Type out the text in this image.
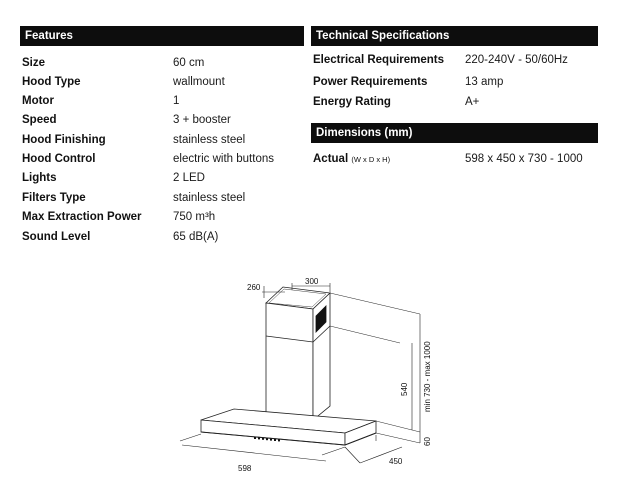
Features
Size	60 cm
Hood Type	wallmount
Motor	1
Speed	3 + booster
Hood Finishing	stainless steel
Hood Control	electric with buttons
Lights	2 LED
Filters Type	stainless steel
Max Extraction Power	750 m³h
Sound Level	65 dB(A)
Technical Specifications
Electrical Requirements 220-240V - 50/60Hz
Power Requirements	13 amp
Energy Rating	A+
Dimensions (mm)
Actual (W x D x H)	598 x 450 x 730 - 1000
260
300
540 min 730 - max 1000
60
598
450
